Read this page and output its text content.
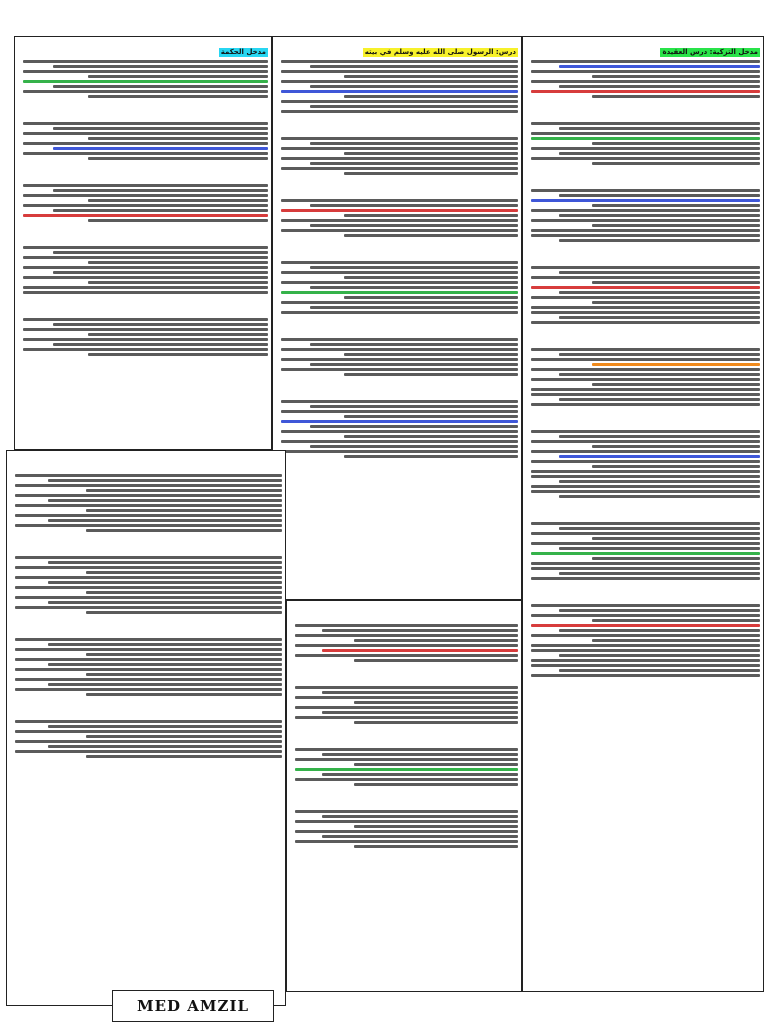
مدخل التزكية: درس العقيدة
درس: الرسول صلى الله عليه وسلم في بيته
مدخل الحكمة
MED AMZIL
